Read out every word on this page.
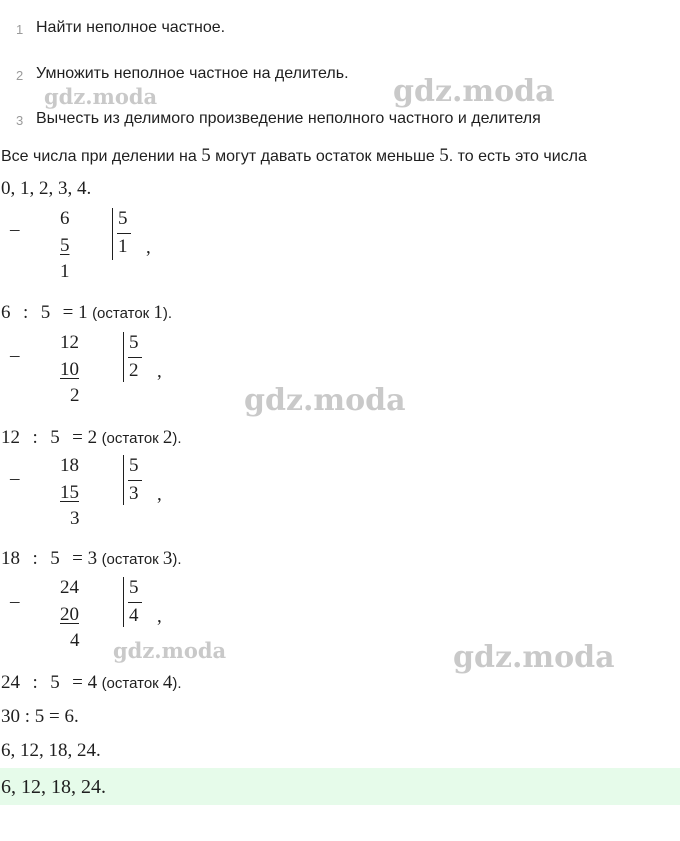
1 Найти неполное частное.
2 Умножить неполное частное на делитель.
3 Вычесть из делимого произведение неполного частного и делителя
Все числа при делении на 5 могут давать остаток меньше 5. то есть это числа
0, 1, 2, 3, 4.
–
6
5
1
5
1 ,
6 : 5 = 1 (остаток 1).
–
12
10
2
5
2 ,
12 : 5 = 2 (остаток 2).
–
18
15
3
5
3 ,
18 : 5 = 3 (остаток 3).
–
24
20
4
5
4 ,
24 : 5 = 4 (остаток 4).
30 : 5 = 6.
6, 12, 18, 24.
6, 12, 18, 24.
gdz.moda	gdz.moda
gdz.moda
gdz.moda	gdz.moda
